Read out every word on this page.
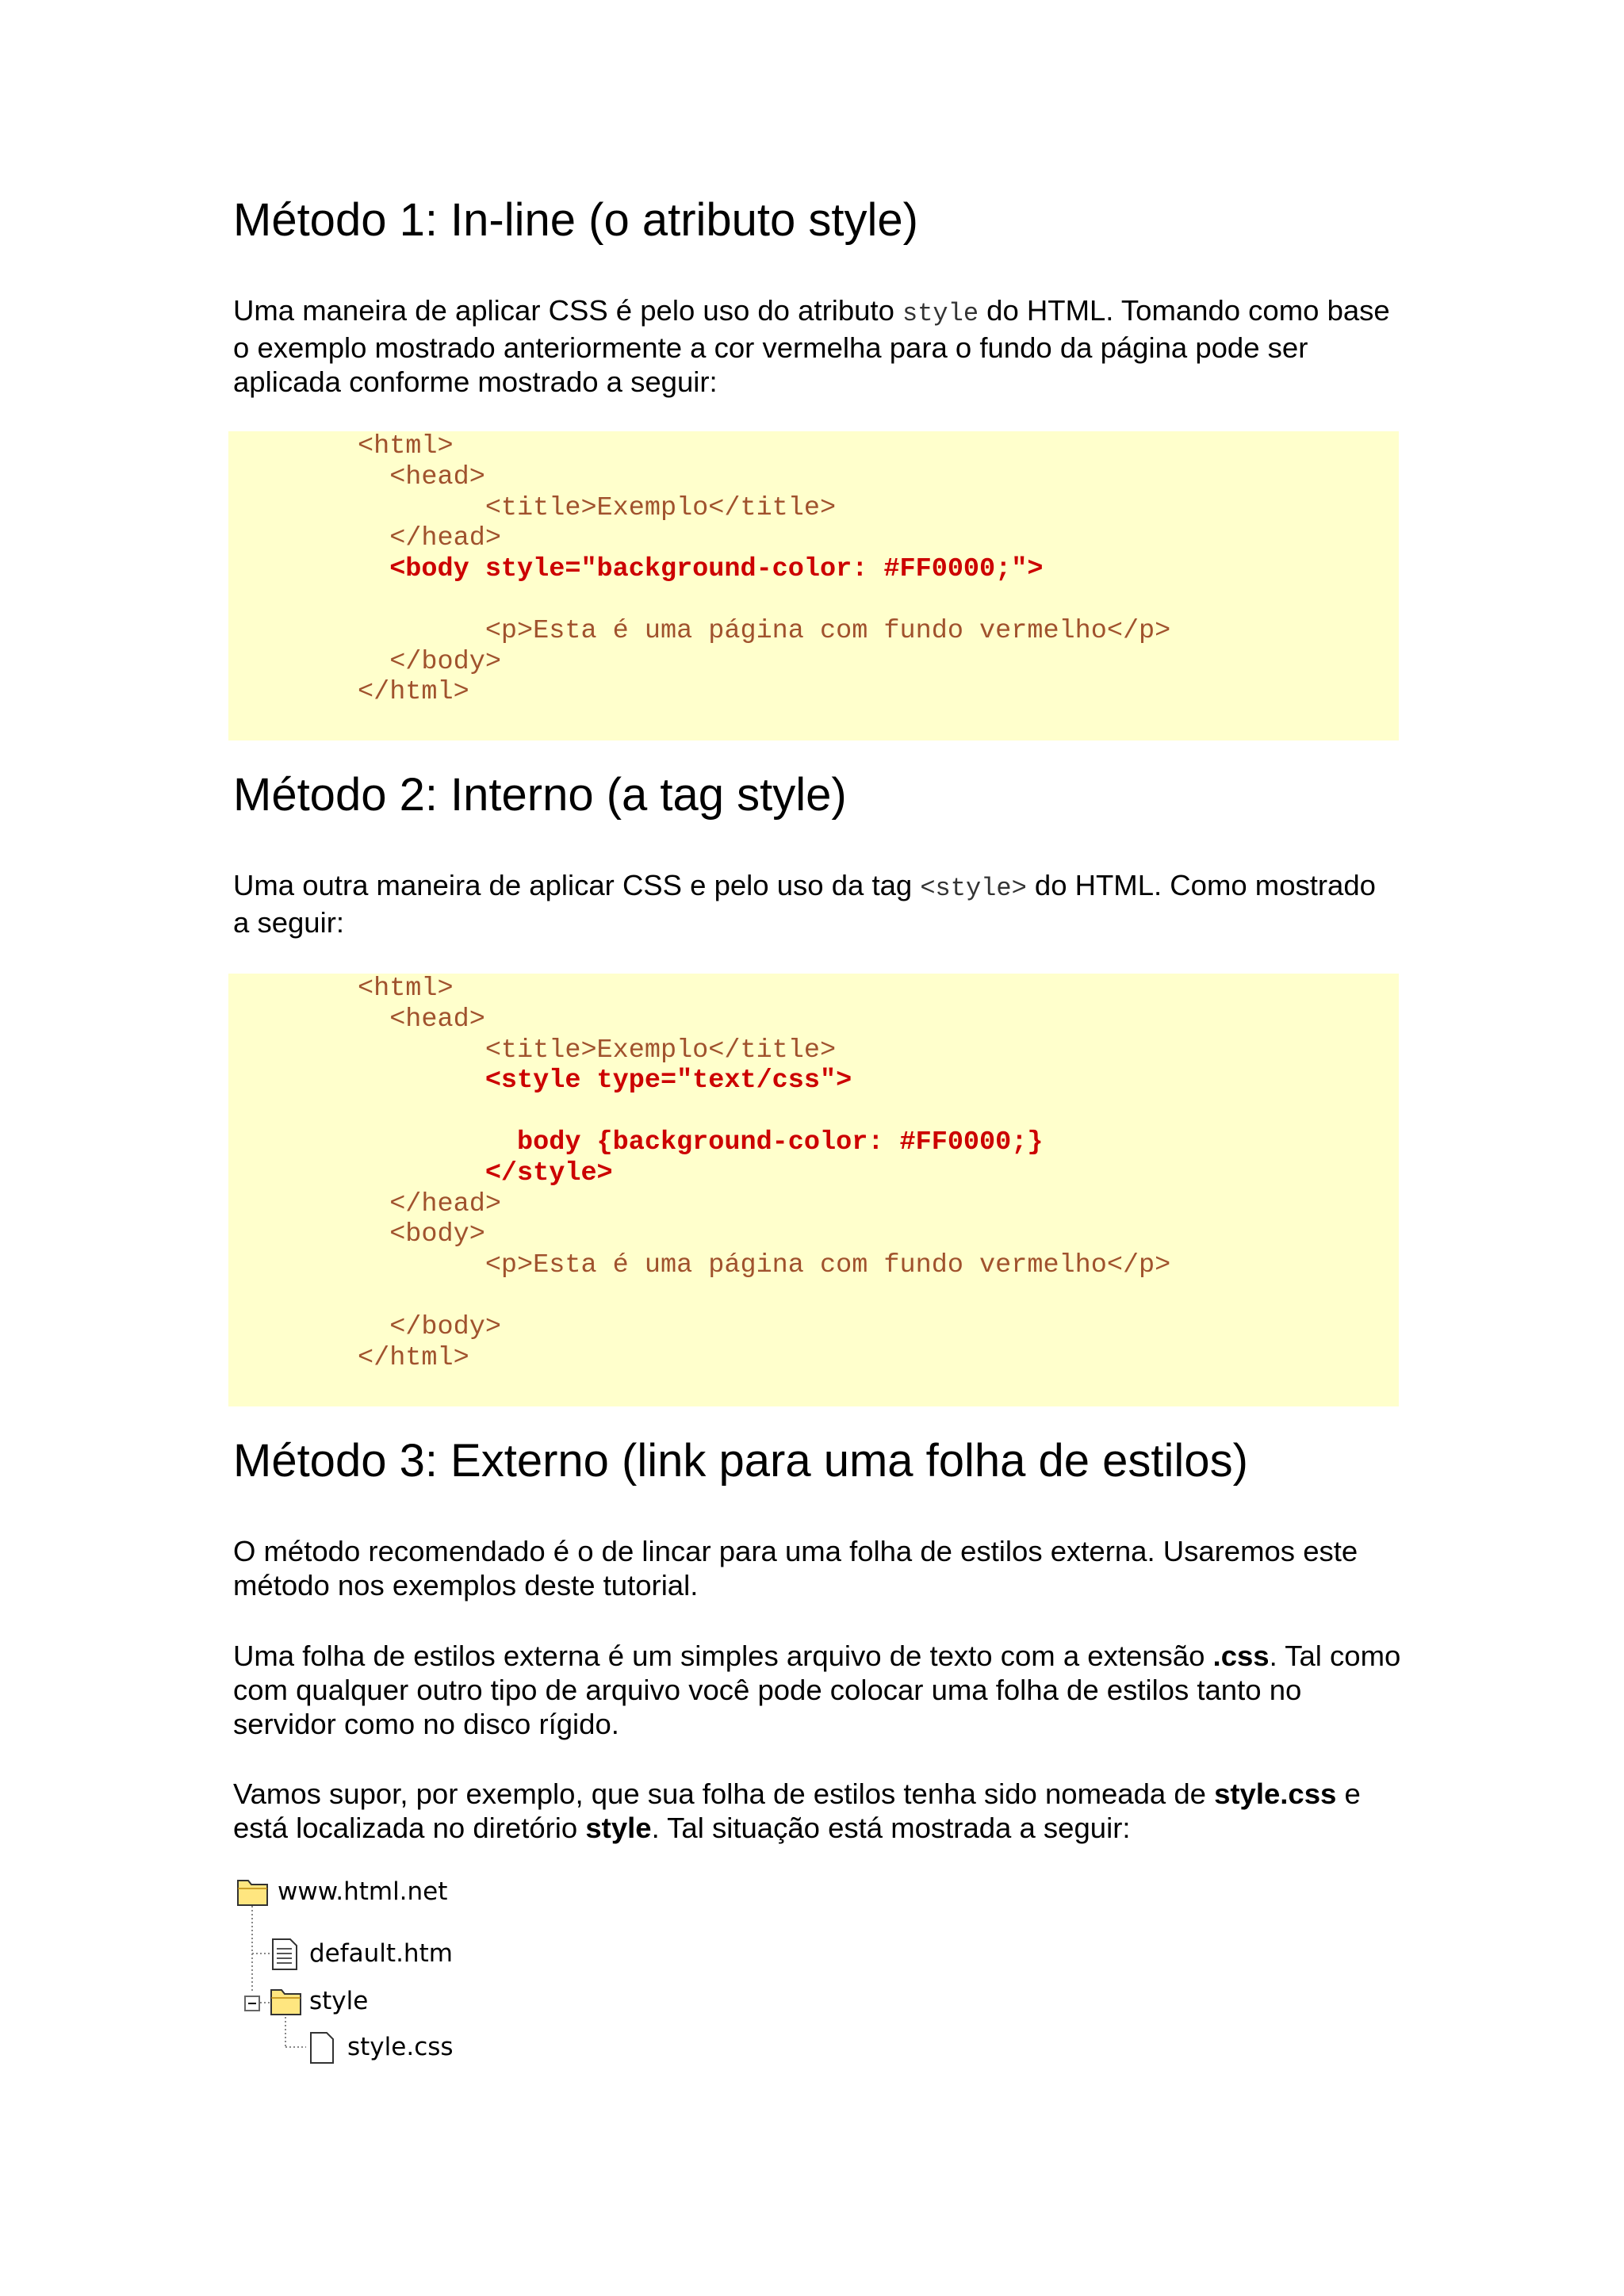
Método 1: In-line (o atributo style)

Uma maneira de aplicar CSS é pelo uso do atributo style do HTML. Tomando como base
o exemplo mostrado anteriormente a cor vermelha para o fundo da página pode ser
aplicada conforme mostrado a seguir:

<html>
<head>
<title>Exemplo</title>
</head>
<body style="background-color: #FF0000;">

<p>Esta é uma página com fundo vermelho</p>
</body>
</html>
Método 2: Interno (a tag style)

Uma outra maneira de aplicar CSS e pelo uso da tag <style> do HTML. Como mostrado
a seguir:

<html>
<head>
<title>Exemplo</title>
<style type="text/css">

body {background-color: #FF0000;}
</style>
</head>
<body>
<p>Esta é uma página com fundo vermelho</p>

</body>
</html>
Método 3: Externo (link para uma folha de estilos)

O método recomendado é o de lincar para uma folha de estilos externa. Usaremos este
método nos exemplos deste tutorial.

Uma folha de estilos externa é um simples arquivo de texto com a extensão .css. Tal como
com qualquer outro tipo de arquivo você pode colocar uma folha de estilos tanto no
servidor como no disco rígido.

Vamos supor, por exemplo, que sua folha de estilos tenha sido nomeada de style.css e
está localizada no diretório style. Tal situação está mostrada a seguir:

www.html.net
default.htm
style
style.css
